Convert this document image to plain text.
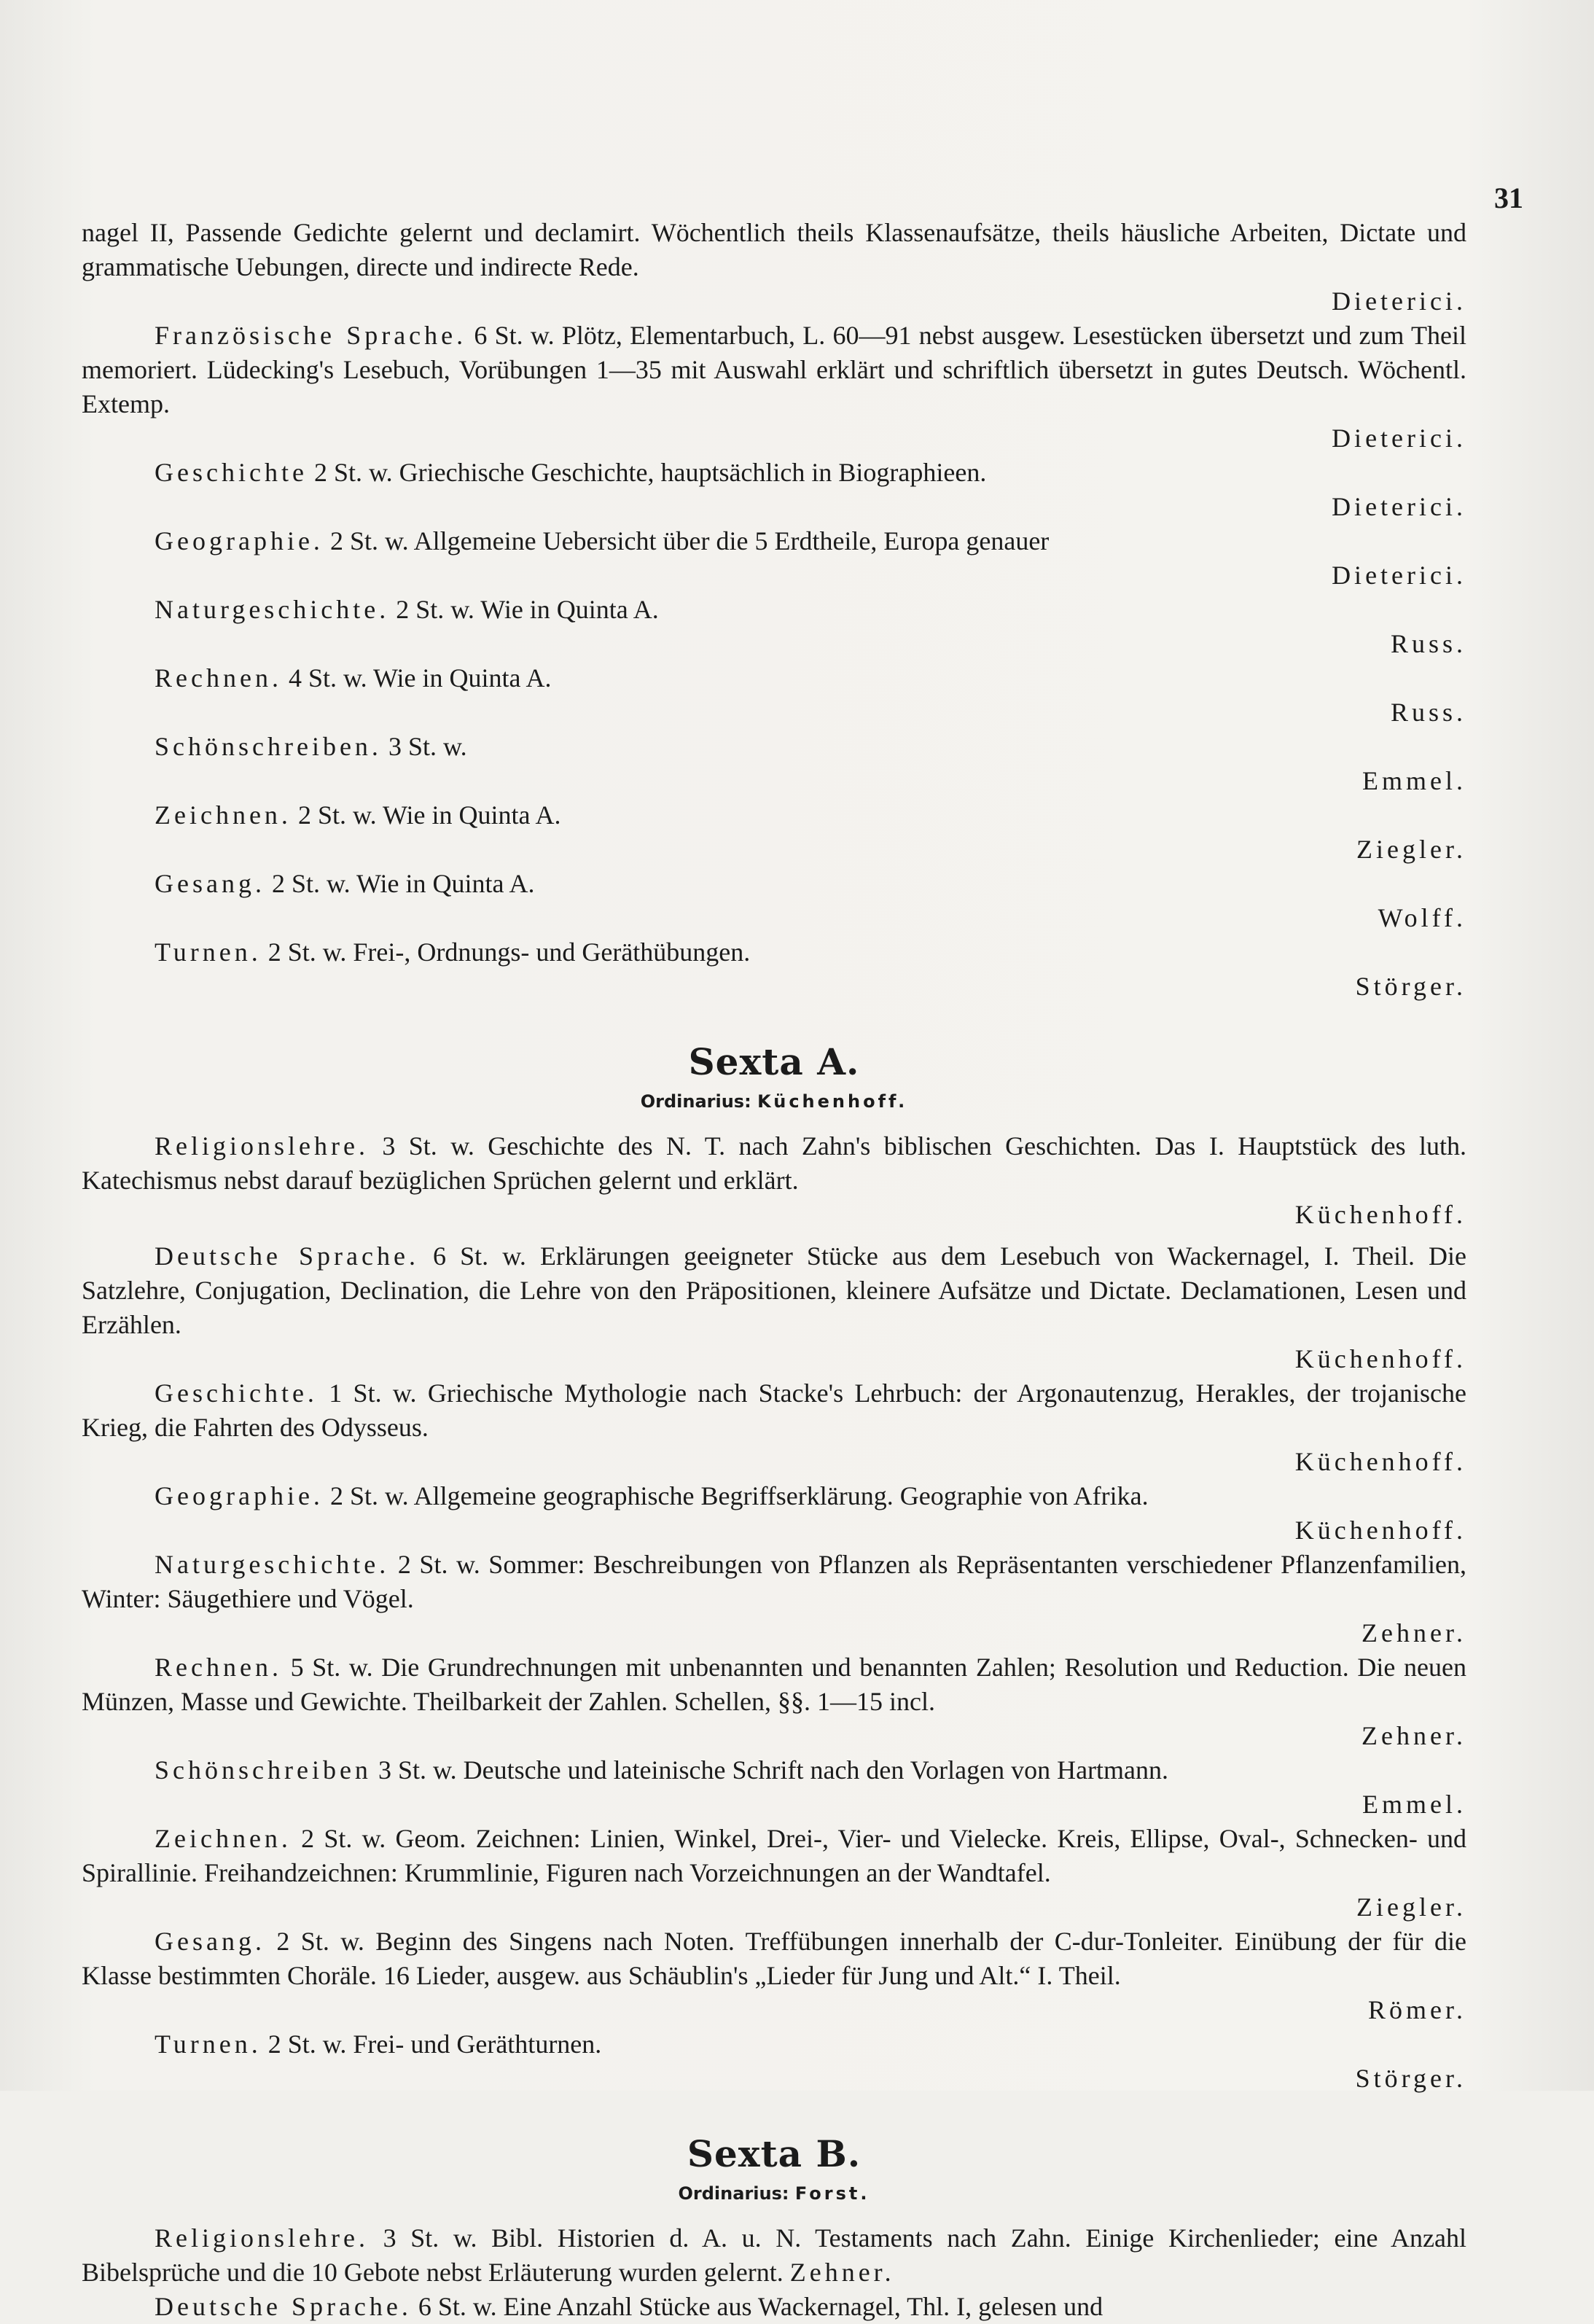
31

nagel II, Passende Gedichte gelernt und declamirt. Wöchentlich theils Klassenaufsätze, theils häusliche Arbeiten, Dictate und grammatische Uebungen, directe und indirecte Rede.
Dieterici.

Französische Sprache. 6 St. w. Plötz, Elementarbuch, L. 60—91 nebst ausgew. Lesestücken übersetzt und zum Theil memoriert. Lüdecking's Lesebuch, Vorübungen 1—35 mit Auswahl erklärt und schriftlich übersetzt in gutes Deutsch. Wöchentl. Extemp.
Dieterici.

Geschichte 2 St. w. Griechische Geschichte, hauptsächlich in Biographieen.
Dieterici.

Geographie. 2 St. w. Allgemeine Uebersicht über die 5 Erdtheile, Europa genauer
Dieterici.

Naturgeschichte. 2 St. w. Wie in Quinta A.
Russ.

Rechnen. 4 St. w. Wie in Quinta A.
Russ.

Schönschreiben. 3 St. w.
Emmel.

Zeichnen. 2 St. w. Wie in Quinta A.
Ziegler.

Gesang. 2 St. w. Wie in Quinta A.
Wolff.

Turnen. 2 St. w. Frei-, Ordnungs- und Geräthübungen.
Störger.

Sexta A.
Ordinarius: Küchenhoff.

Religionslehre. 3 St. w. Geschichte des N. T. nach Zahn's biblischen Geschichten. Das I. Hauptstück des luth. Katechismus nebst darauf bezüglichen Sprüchen gelernt und erklärt.
Küchenhoff.

Deutsche Sprache. 6 St. w. Erklärungen geeigneter Stücke aus dem Lesebuch von Wackernagel, I. Theil. Die Satzlehre, Conjugation, Declination, die Lehre von den Präpositionen, kleinere Aufsätze und Dictate. Declamationen, Lesen und Erzählen.
Küchenhoff.

Geschichte. 1 St. w. Griechische Mythologie nach Stacke's Lehrbuch: der Argonautenzug, Herakles, der trojanische Krieg, die Fahrten des Odysseus.
Küchenhoff.

Geographie. 2 St. w. Allgemeine geographische Begriffserklärung. Geographie von Afrika.
Küchenhoff.

Naturgeschichte. 2 St. w. Sommer: Beschreibungen von Pflanzen als Repräsentanten verschiedener Pflanzenfamilien, Winter: Säugethiere und Vögel.
Zehner.

Rechnen. 5 St. w. Die Grundrechnungen mit unbenannten und benannten Zahlen; Resolution und Reduction. Die neuen Münzen, Masse und Gewichte. Theilbarkeit der Zahlen. Schellen, §§. 1—15 incl.
Zehner.

Schönschreiben 3 St. w. Deutsche und lateinische Schrift nach den Vorlagen von Hartmann.
Emmel.

Zeichnen. 2 St. w. Geom. Zeichnen: Linien, Winkel, Drei-, Vier- und Vielecke. Kreis, Ellipse, Oval-, Schnecken- und Spirallinie. Freihandzeichnen: Krummlinie, Figuren nach Vorzeichnungen an der Wandtafel.
Ziegler.

Gesang. 2 St. w. Beginn des Singens nach Noten. Treffübungen innerhalb der C-dur-Tonleiter. Einübung der für die Klasse bestimmten Choräle. 16 Lieder, ausgew. aus Schäublin's „Lieder für Jung und Alt.“ I. Theil.
Römer.

Turnen. 2 St. w. Frei- und Geräthturnen.
Störger.

Sexta B.
Ordinarius: Forst.

Religionslehre. 3 St. w. Bibl. Historien d. A. u. N. Testaments nach Zahn. Einige Kirchenlieder; eine Anzahl Bibelsprüche und die 10 Gebote nebst Erläuterung wurden gelernt. Zehner.

Deutsche Sprache. 6 St. w. Eine Anzahl Stücke aus Wackernagel, Thl. I, gelesen und
